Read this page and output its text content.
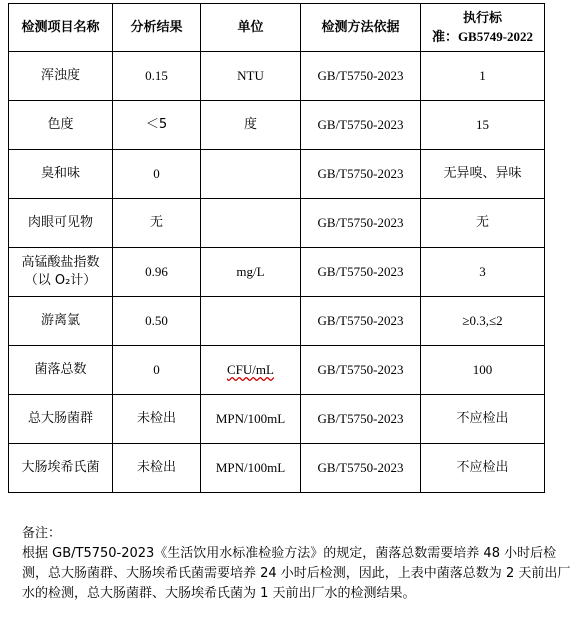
检测项目名称	分析结果	单位	检测方法依据	执行标
准：GB5749-2022

浑浊度	0.15	NTU	GB/T5750-2023	1
色度	＜5	度	GB/T5750-2023	15
臭和味	0		GB/T5750-2023	无异嗅、异味
肉眼可见物	无		GB/T5750-2023	无

高锰酸盐指数
（以 O₂计）	0.96	mg/L	GB/T5750-2023	3
游离氯	0.50		GB/T5750-2023	≥0.3,≤2
菌落总数	0	CFU/mL	GB/T5750-2023	100
总大肠菌群	未检出	MPN/100mL	GB/T5750-2023	不应检出
大肠埃希氏菌	未检出	MPN/100mL	GB/T5750-2023	不应检出
备注：
根据 GB/T5750-2023《生活饮用水标准检验方法》的规定，菌落总数需要培养 48 小时后检测，总大肠菌群、大肠埃希氏菌需要培养 24 小时后检测，因此，上表中菌落总数为 2 天前出厂水的检测，总大肠菌群、大肠埃希氏菌为 1 天前出厂水的检测结果。
